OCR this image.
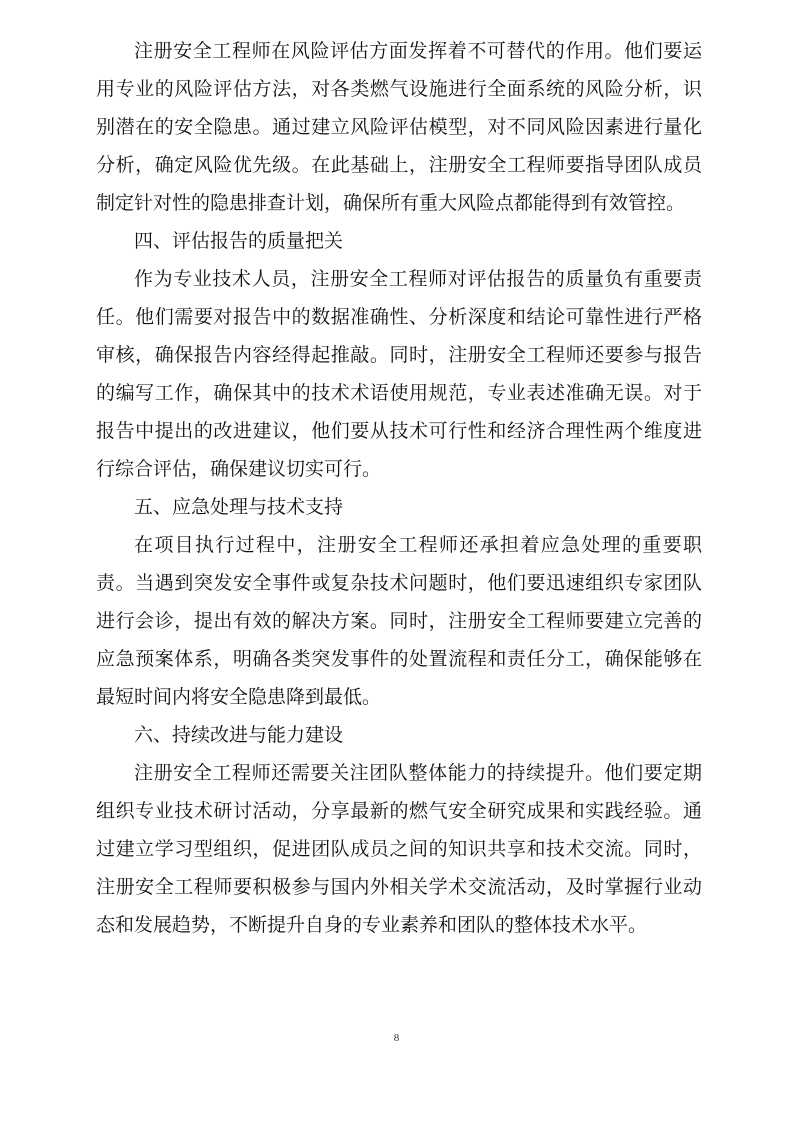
注册安全工程师在风险评估方面发挥着不可替代的作用。他们要运用专业的风险评估方法，对各类燃气设施进行全面系统的风险分析，识别潜在的安全隐患。通过建立风险评估模型，对不同风险因素进行量化分析，确定风险优先级。在此基础上，注册安全工程师要指导团队成员制定针对性的隐患排查计划，确保所有重大风险点都能得到有效管控。

四、评估报告的质量把关

作为专业技术人员，注册安全工程师对评估报告的质量负有重要责任。他们需要对报告中的数据准确性、分析深度和结论可靠性进行严格审核，确保报告内容经得起推敲。同时，注册安全工程师还要参与报告的编写工作，确保其中的技术术语使用规范，专业表述准确无误。对于报告中提出的改进建议，他们要从技术可行性和经济合理性两个维度进行综合评估，确保建议切实可行。

五、应急处理与技术支持

在项目执行过程中，注册安全工程师还承担着应急处理的重要职责。当遇到突发安全事件或复杂技术问题时，他们要迅速组织专家团队进行会诊，提出有效的解决方案。同时，注册安全工程师要建立完善的应急预案体系，明确各类突发事件的处置流程和责任分工，确保能够在最短时间内将安全隐患降到最低。

六、持续改进与能力建设

注册安全工程师还需要关注团队整体能力的持续提升。他们要定期组织专业技术研讨活动，分享最新的燃气安全研究成果和实践经验。通过建立学习型组织，促进团队成员之间的知识共享和技术交流。同时，注册安全工程师要积极参与国内外相关学术交流活动，及时掌握行业动态和发展趋势，不断提升自身的专业素养和团队的整体技术水平。

8
